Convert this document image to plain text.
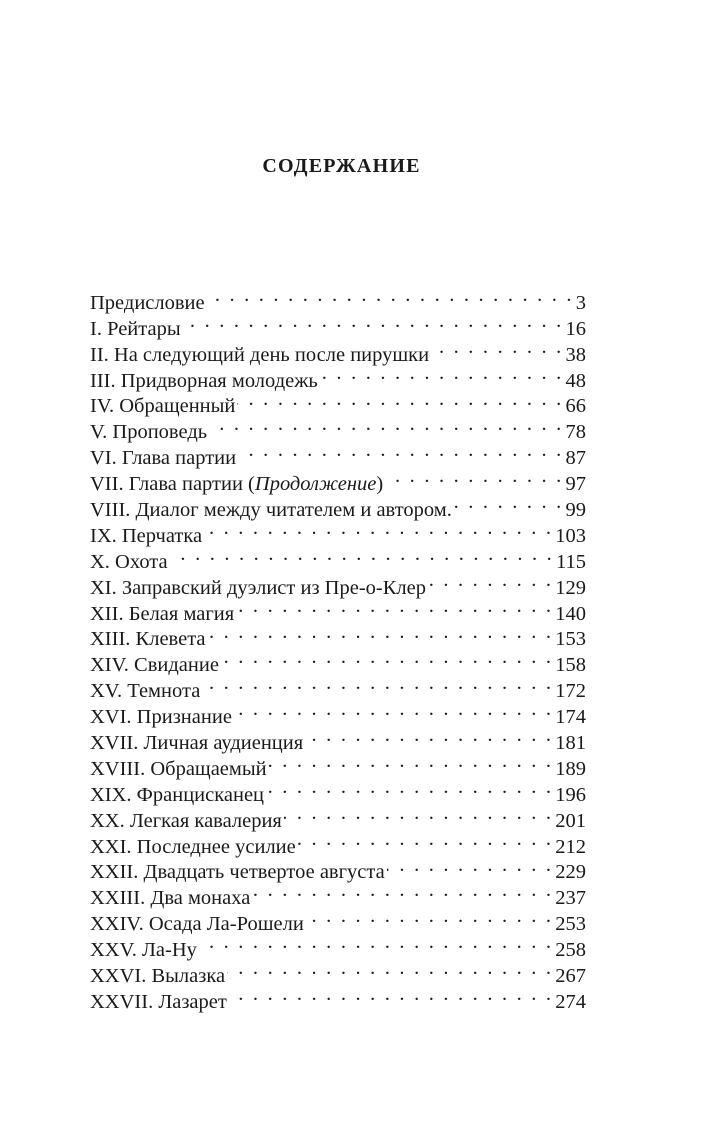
СОДЕРЖАНИЕ
Предисловие . . .	3
I. Рейтары . . .	16
II. На следующий день после пирушки . . .	38
III. Придворная молодежь . . .	48
IV. Обращенный . . .	66
V. Проповедь . . .	78
VI. Глава партии . . .	87
VII. Глава партии (Продолжение) . . .	97
VIII. Диалог между читателем и автором. . . .	99
IX. Перчатка . . .	103
X. Охота . . .	115
XI. Заправский дуэлист из Пре-о-Клер . . .	129
XII. Белая магия . . .	140
XIII. Клевета . . .	153
XIV. Свидание . . .	158
XV. Темнота . . .	172
XVI. Признание . . .	174
XVII. Личная аудиенция . . .	181
XVIII. Обращаемый . . .	189
XIX. Францисканец . . .	196
XX. Легкая кавалерия . . .	201
XXI. Последнее усилие . . .	212
XXII. Двадцать четвертое августа . . .	229
XXIII. Два монаха . . .	237
XXIV. Осада Ла-Рошели . . .	253
XXV. Ла-Ну . . .	258
XXVI. Вылазка . . .	267
XXVII. Лазарет . . .	274
